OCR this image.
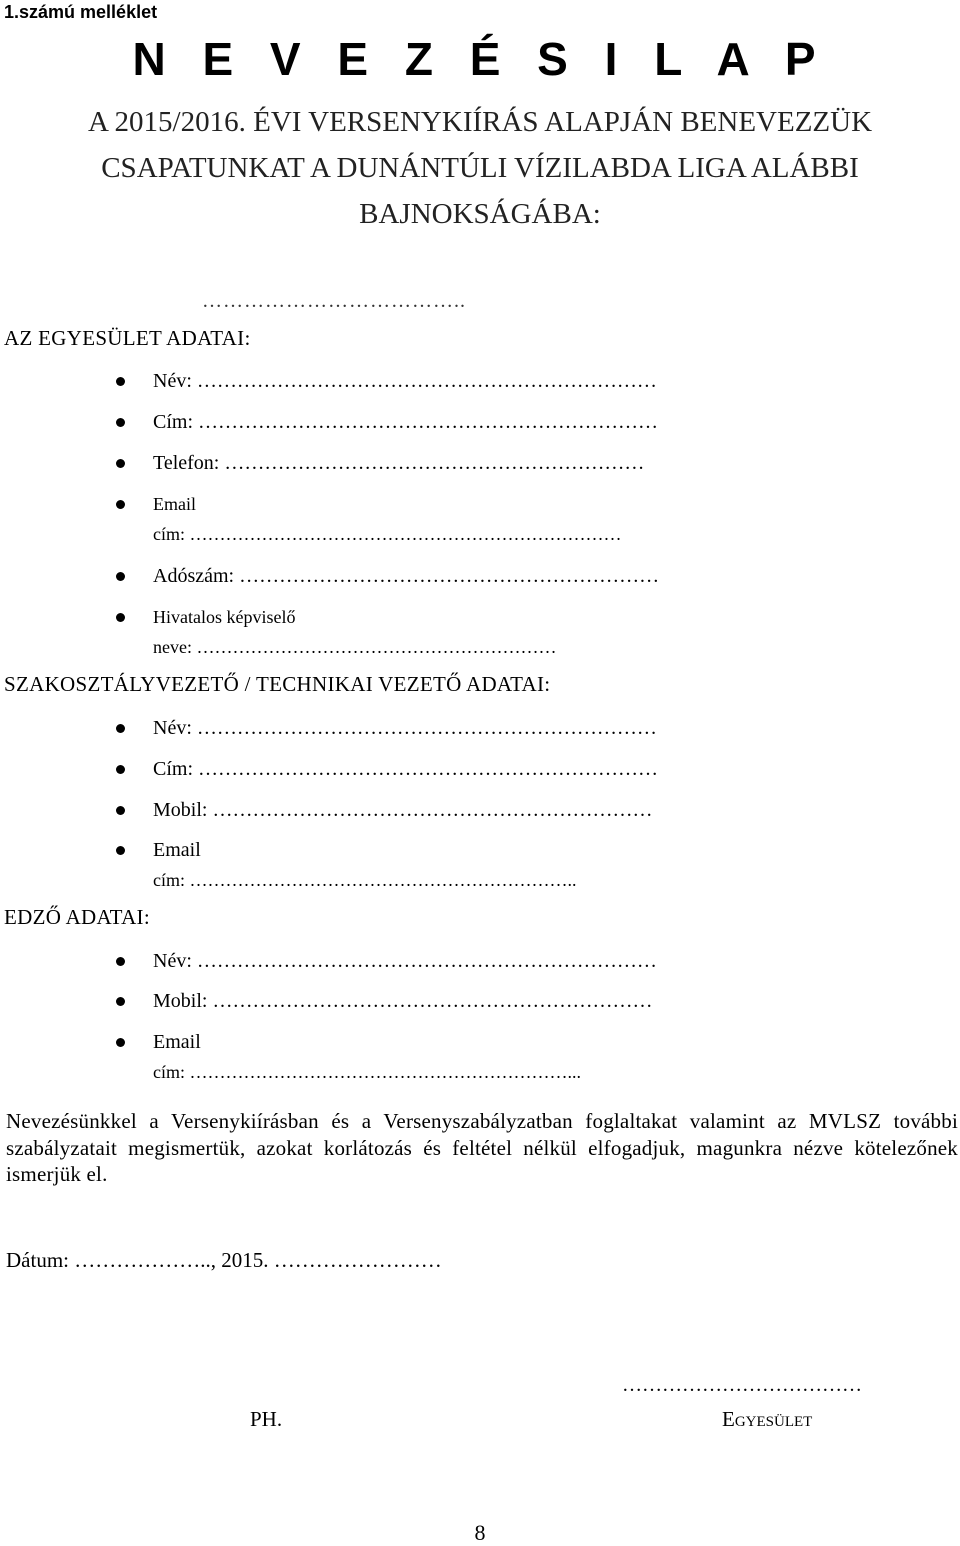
1.számú melléklet
N E V E Z É S I L A P
A 2015/2016. ÉVI VERSENYKIÍRÁS ALAPJÁN BENEVEZZÜK
CSAPATUNKAT A DUNÁNTÚLI VÍZILABDA LIGA ALÁBBI
BAJNOKSÁGÁBA:
………………………………..
AZ EGYESÜLET ADATAI:
Név: ……………………………………………………………
Cím: ……………………………………………………………
Telefon: ………………………………………………………
Email
cím: ………………………………………………………………
Adószám: ………………………………………………………
Hivatalos képviselő
neve: ……………………………………………………
SZAKOSZTÁLYVEZETŐ / TECHNIKAI VEZETŐ ADATAI:
Név: ……………………………………………………………
Cím: ……………………………………………………………
Mobil: …………………………………………………………
Email
cím: ………………………………………………………..
EDZŐ ADATAI:
Név: ……………………………………………………………
Mobil: …………………………………………………………
Email
cím: ………………………………………………………...
Nevezésünkkel a Versenykiírásban és a Versenyszabályzatban foglaltakat valamint az MVLSZ további szabályzatait megismertük, azokat korlátozás és feltétel nélkül elfogadjuk, magunkra nézve kötelezőnek ismerjük el.
Dátum: ……………….., 2015. ……………………
………………………………
PH.	Egyesület
8
